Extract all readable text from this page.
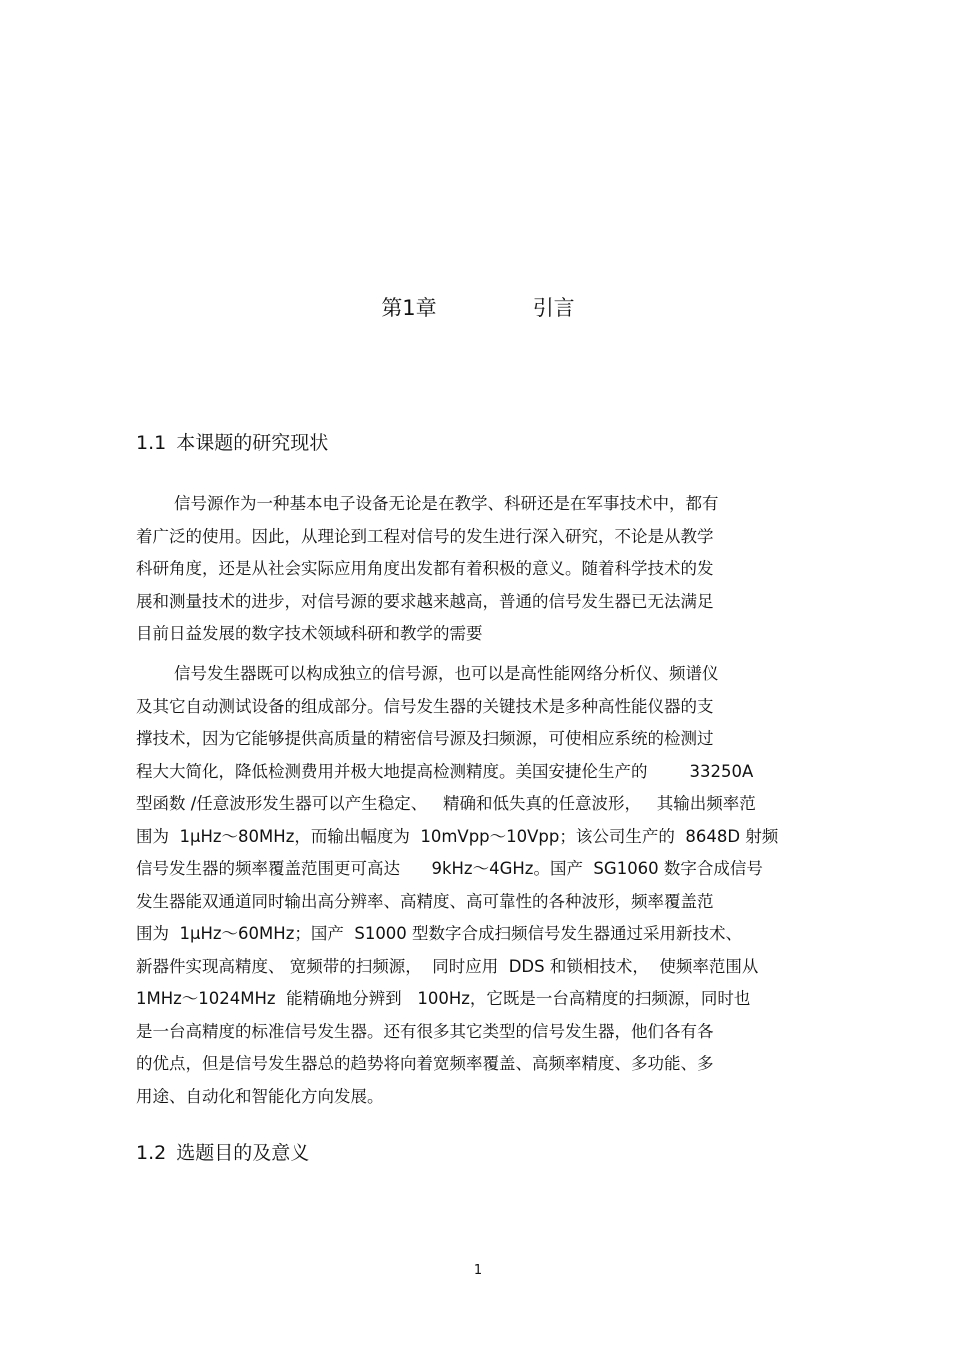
第1章	引言
1.1 本课题的研究现状
信号源作为一种基本电子设备无论是在教学、科研还是在军事技术中，都有
着广泛的使用。因此，从理论到工程对信号的发生进行深入研究，不论是从教学
科研角度，还是从社会实际应用角度出发都有着积极的意义。随着科学技术的发
展和测量技术的进步，对信号源的要求越来越高，普通的信号发生器已无法满足
目前日益发展的数字技术领域科研和教学的需要
信号发生器既可以构成独立的信号源，也可以是高性能网络分析仪、频谱仪
及其它自动测试设备的组成部分。信号发生器的关键技术是多种高性能仪器的支
撑技术，因为它能够提供高质量的精密信号源及扫频源，可使相应系统的检测过
程大大简化，降低检测费用并极大地提高检测精度。美国安捷伦生产的        33250A
型函数 /任意波形发生器可以产生稳定、   精确和低失真的任意波形，   其输出频率范
围为  1μHz～80MHz，而输出幅度为  10mVpp～10Vpp；该公司生产的  8648D 射频
信号发生器的频率覆盖范围更可高达      9kHz～4GHz。国产  SG1060 数字合成信号
发生器能双通道同时输出高分辨率、高精度、高可靠性的各种波形，频率覆盖范
围为  1μHz～60MHz；国产  S1000 型数字合成扫频信号发生器通过采用新技术、
新器件实现高精度、 宽频带的扫频源，  同时应用  DDS 和锁相技术，  使频率范围从
1MHz～1024MHz  能精确地分辨到   100Hz，它既是一台高精度的扫频源，同时也
是一台高精度的标准信号发生器。还有很多其它类型的信号发生器，他们各有各
的优点，但是信号发生器总的趋势将向着宽频率覆盖、高频率精度、多功能、多
用途、自动化和智能化方向发展。
1.2 选题目的及意义
1
